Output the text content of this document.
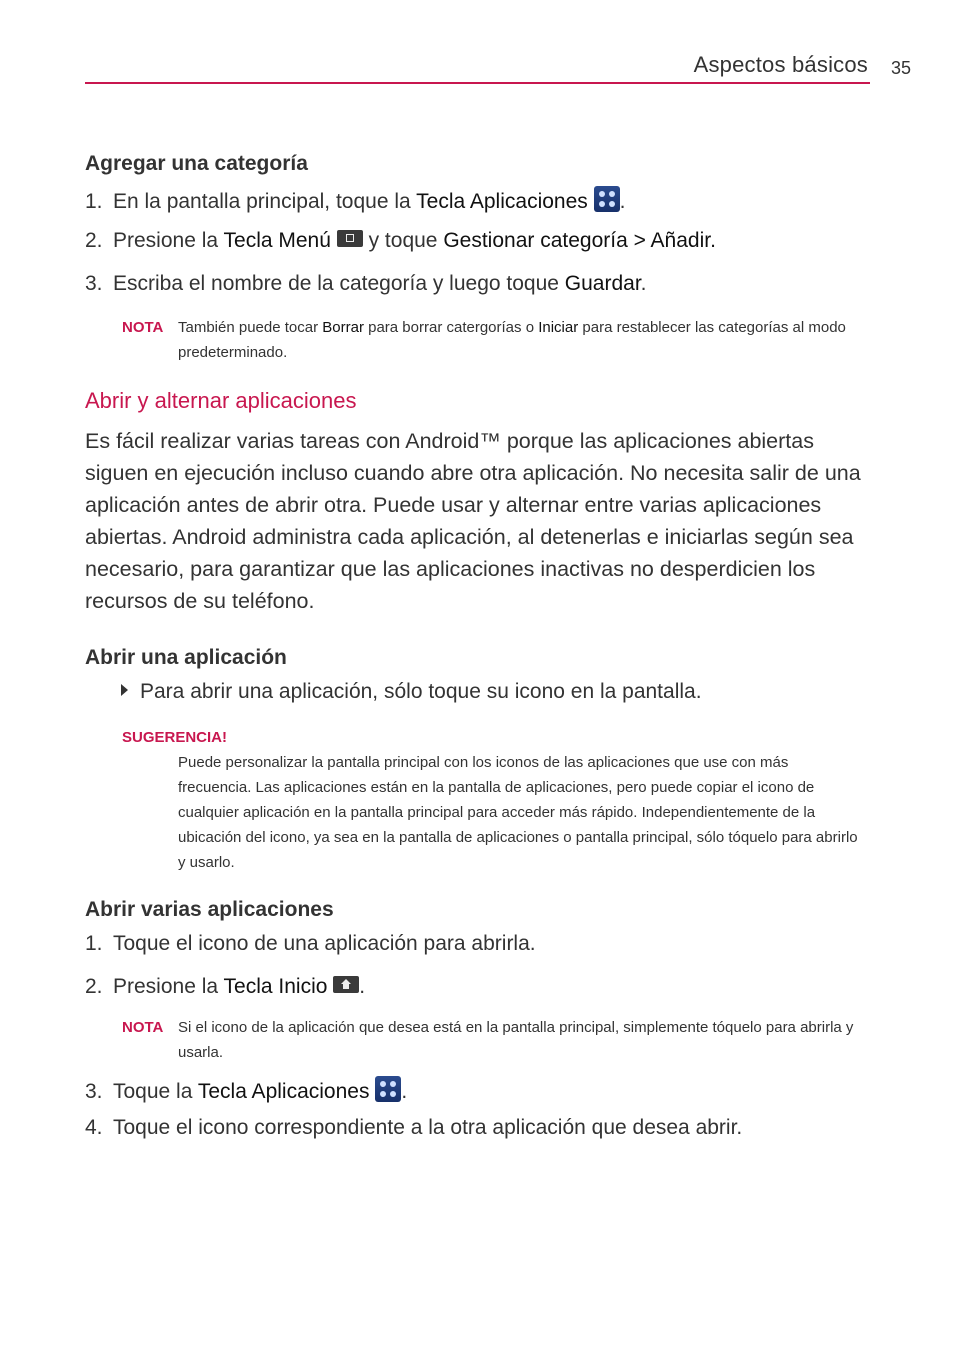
Aspectos básicos 35
Agregar una categoría
1. En la pantalla principal, toque la Tecla Aplicaciones .
2. Presione la Tecla Menú
y toque Gestionar categoría > Añadir.
3. Escriba el nombre de la categoría y luego toque Guardar.
NOTA También puede tocar Borrar para borrar catergorías o Iniciar para restablecer las categorías al modo predeterminado.
Abrir y alternar aplicaciones
Es fácil realizar varias tareas con Android™ porque las aplicaciones abiertas siguen en ejecución incluso cuando abre otra aplicación. No necesita salir de una aplicación antes de abrir otra. Puede usar y alternar entre varias aplicaciones abiertas. Android administra cada aplicación, al detenerlas e iniciarlas según sea necesario, para garantizar que las aplicaciones inactivas no desperdicien los recursos de su teléfono.
Abrir una aplicación
Para abrir una aplicación, sólo toque su icono en la pantalla.
SUGERENCIA!
Puede personalizar la pantalla principal con los iconos de las aplicaciones que use con más frecuencia. Las aplicaciones están en la pantalla de aplicaciones, pero puede copiar el icono de cualquier aplicación en la pantalla principal para acceder más rápido. Independientemente de la ubicación del icono, ya sea en la pantalla de aplicaciones o pantalla principal, sólo tóquelo para abrirlo y usarlo.
Abrir varias aplicaciones
1. Toque el icono de una aplicación para abrirla.
2. Presione la Tecla Inicio .
NOTA Si el icono de la aplicación que desea está en la pantalla principal, simplemente tóquelo para abrirla y usarla.
3. Toque la Tecla Aplicaciones .
4. Toque el icono correspondiente a la otra aplicación que desea abrir.
